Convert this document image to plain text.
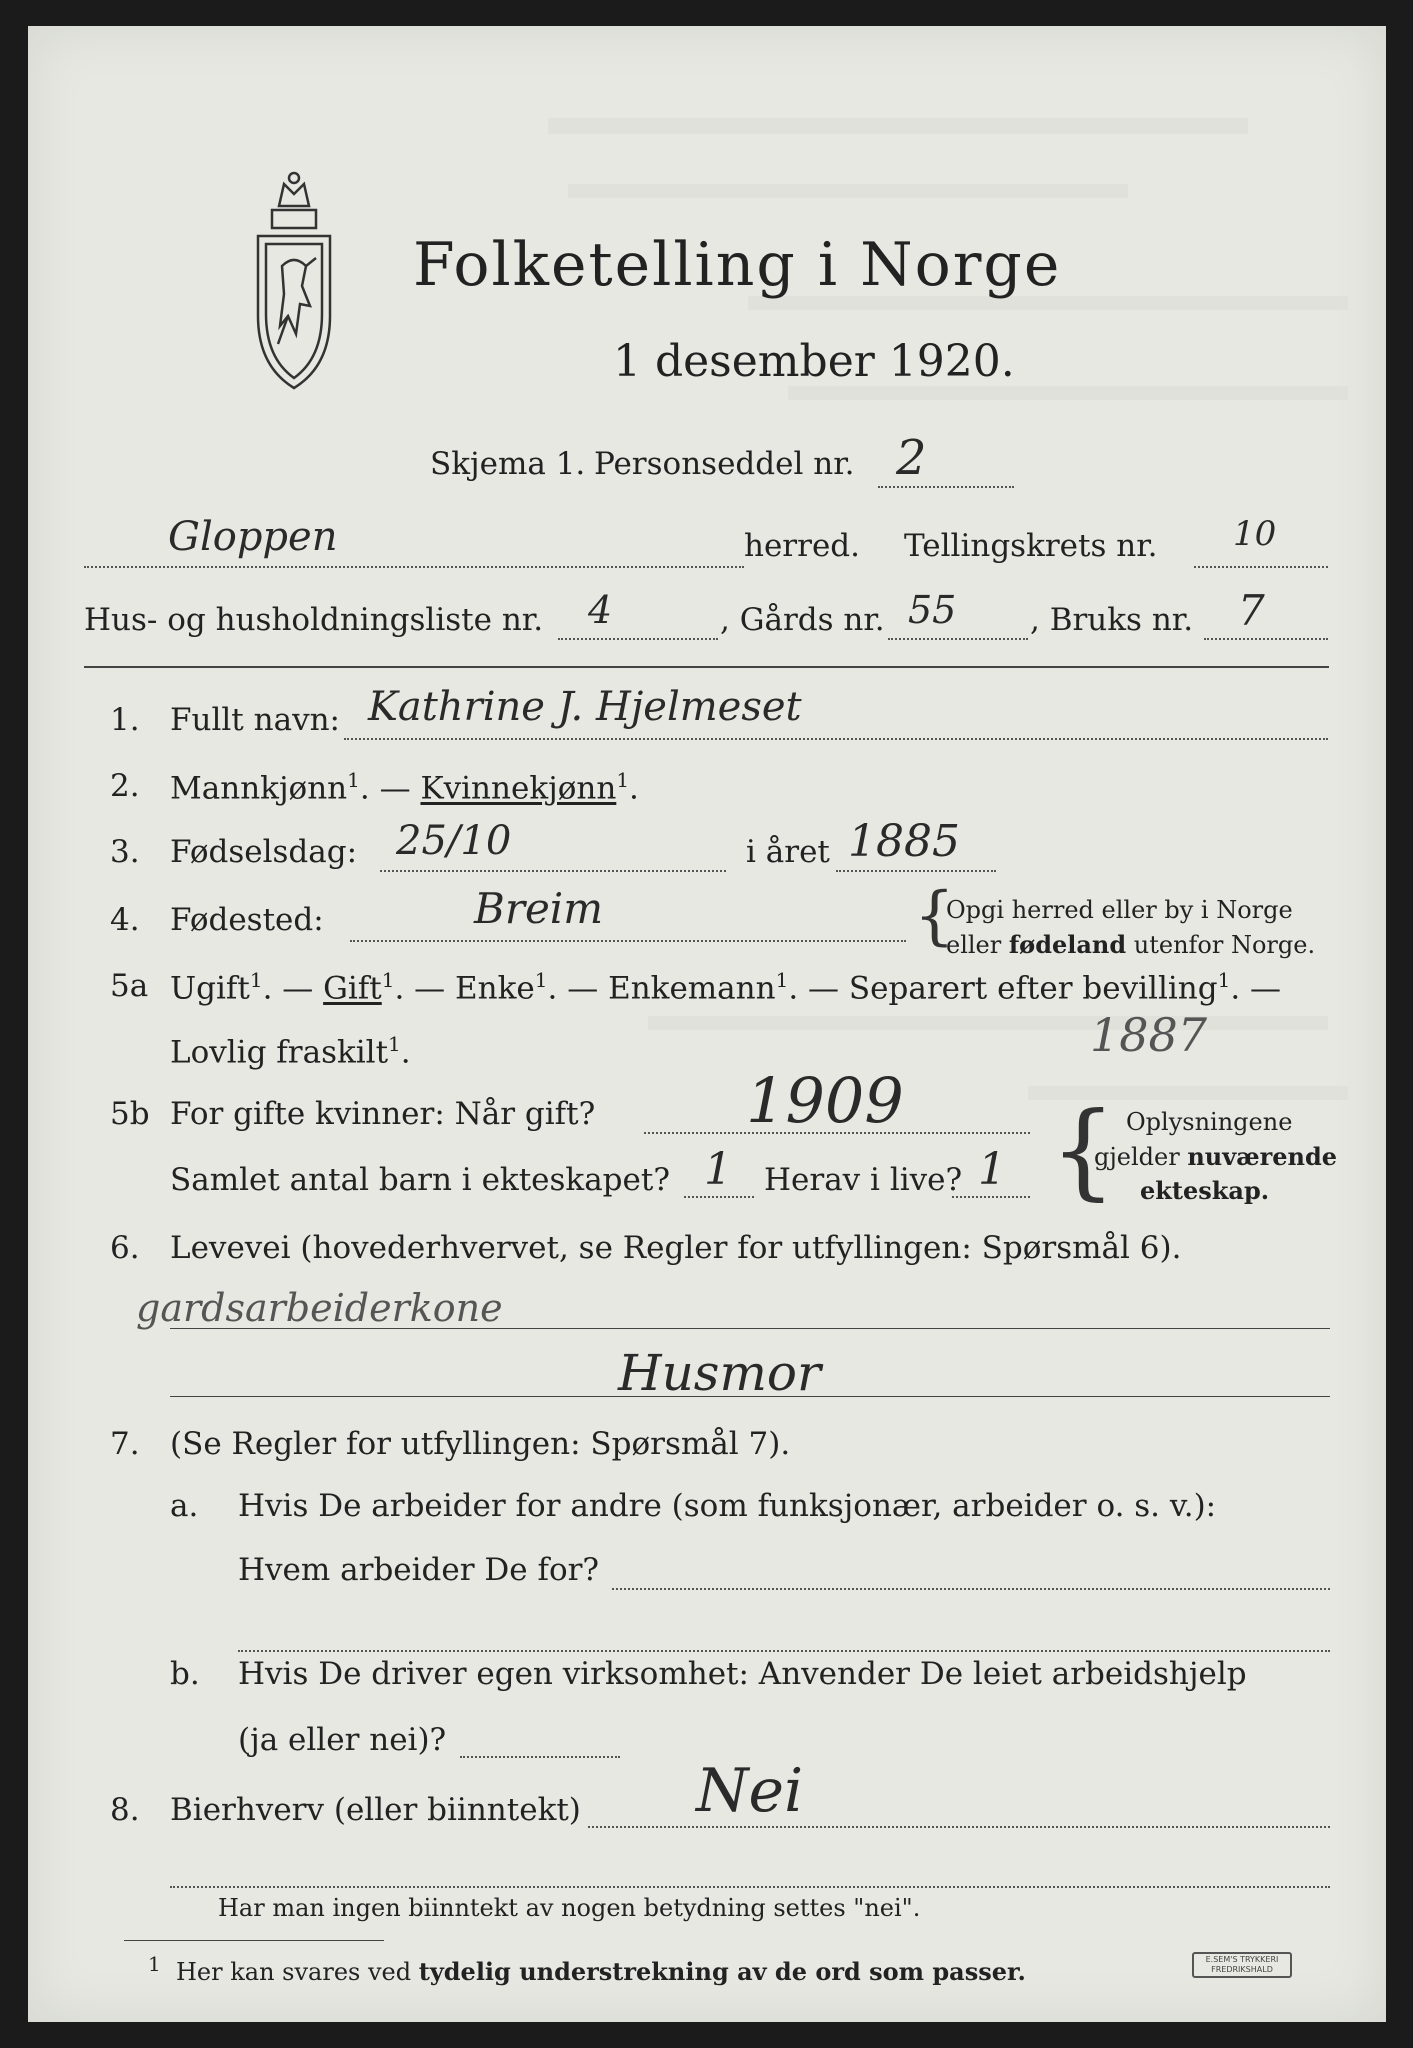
Folketelling i Norge
1 desember 1920.
Skjema 1. Personseddel nr. 2
Gloppen	herred. Tellingskrets nr. 10
Hus- og husholdningsliste nr. 4	, Gårds nr. 55 , Bruks nr. 7
1. Fullt navn: Kathrine J. Hjelmeset
2. Mannkjønn$^1$. — Kvinnekjønn$^1$.
3. Fødselsdag: 25/10	i året 1885
4. Fødested:	Breim	{
Opgi herred eller by i Norge
eller fødeland utenfor Norge.
5a Ugift$^1$. — Gift$^1$. — Enke$^1$. — Enkemann$^1$. — Separert efter bevilling$^1$. —
Lovlig fraskilt$^1$.	1887
5b For gifte kvinner: Når gift? 1909
Samlet antal barn i ekteskapet? 1 Herav i live? 1 { Oplysningene
gjelder nuværende
ekteskap.
6. Levevei (hovederhvervet, se Regler for utfyllingen: Spørsmål 6).
gardsarbeiderkone
Husmor
7. (Se Regler for utfyllingen: Spørsmål 7).
a. Hvis De arbeider for andre (som funksjonær, arbeider o. s. v.):
Hvem arbeider De for?
b. Hvis De driver egen virksomhet: Anvender De leiet arbeidshjelp
(ja eller nei)?
8. Bierhverv (eller biinntekt) Nei
Har man ingen biinntekt av nogen betydning settes "nei".
$^1$ Her kan svares ved tydelig understrekning av de ord som passer.	E.SEM'S TRYKKERI
FREDRIKSHALD
